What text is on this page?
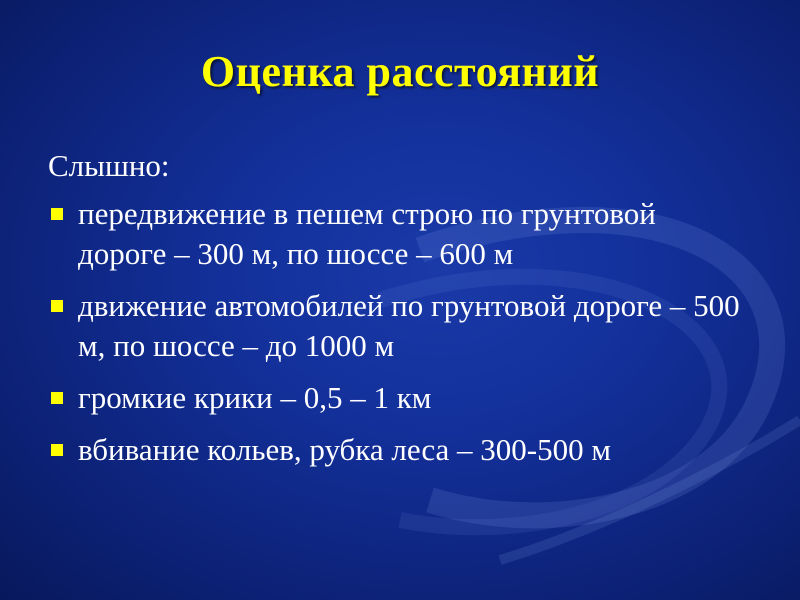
Оценка расстояний
Слышно:
передвижение в пешем строю по грунтовой дороге – 300 м, по шоссе – 600 м
движение автомобилей по грунтовой дороге – 500 м, по шоссе – до 1000 м
громкие крики – 0,5 – 1 км
вбивание кольев, рубка леса – 300-500 м
